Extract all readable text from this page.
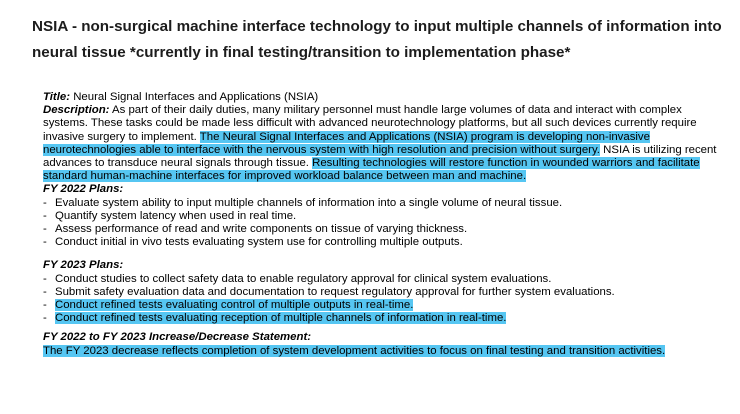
NSIA - non-surgical machine interface technology to input multiple channels of information into neural tissue *currently in final testing/transition to implementation phase*

Title: Neural Signal Interfaces and Applications (NSIA)

Description: As part of their daily duties, many military personnel must handle large volumes of data and interact with complex systems. These tasks could be made less difficult with advanced neurotechnology platforms, but all such devices currently require invasive surgery to implement. The Neural Signal Interfaces and Applications (NSIA) program is developing non-invasive neurotechnologies able to interface with the nervous system with high resolution and precision without surgery. NSIA is utilizing recent advances to transduce neural signals through tissue. Resulting technologies will restore function in wounded warriors and facilitate standard human-machine interfaces for improved workload balance between man and machine.

FY 2022 Plans:

- Evaluate system ability to input multiple channels of information into a single volume of neural tissue.
- Quantify system latency when used in real time.
- Assess performance of read and write components on tissue of varying thickness.
- Conduct initial in vivo tests evaluating system use for controlling multiple outputs.

FY 2023 Plans:

- Conduct studies to collect safety data to enable regulatory approval for clinical system evaluations.
- Submit safety evaluation data and documentation to request regulatory approval for further system evaluations.
- Conduct refined tests evaluating control of multiple outputs in real-time.
- Conduct refined tests evaluating reception of multiple channels of information in real-time.

FY 2022 to FY 2023 Increase/Decrease Statement:

The FY 2023 decrease reflects completion of system development activities to focus on final testing and transition activities.
